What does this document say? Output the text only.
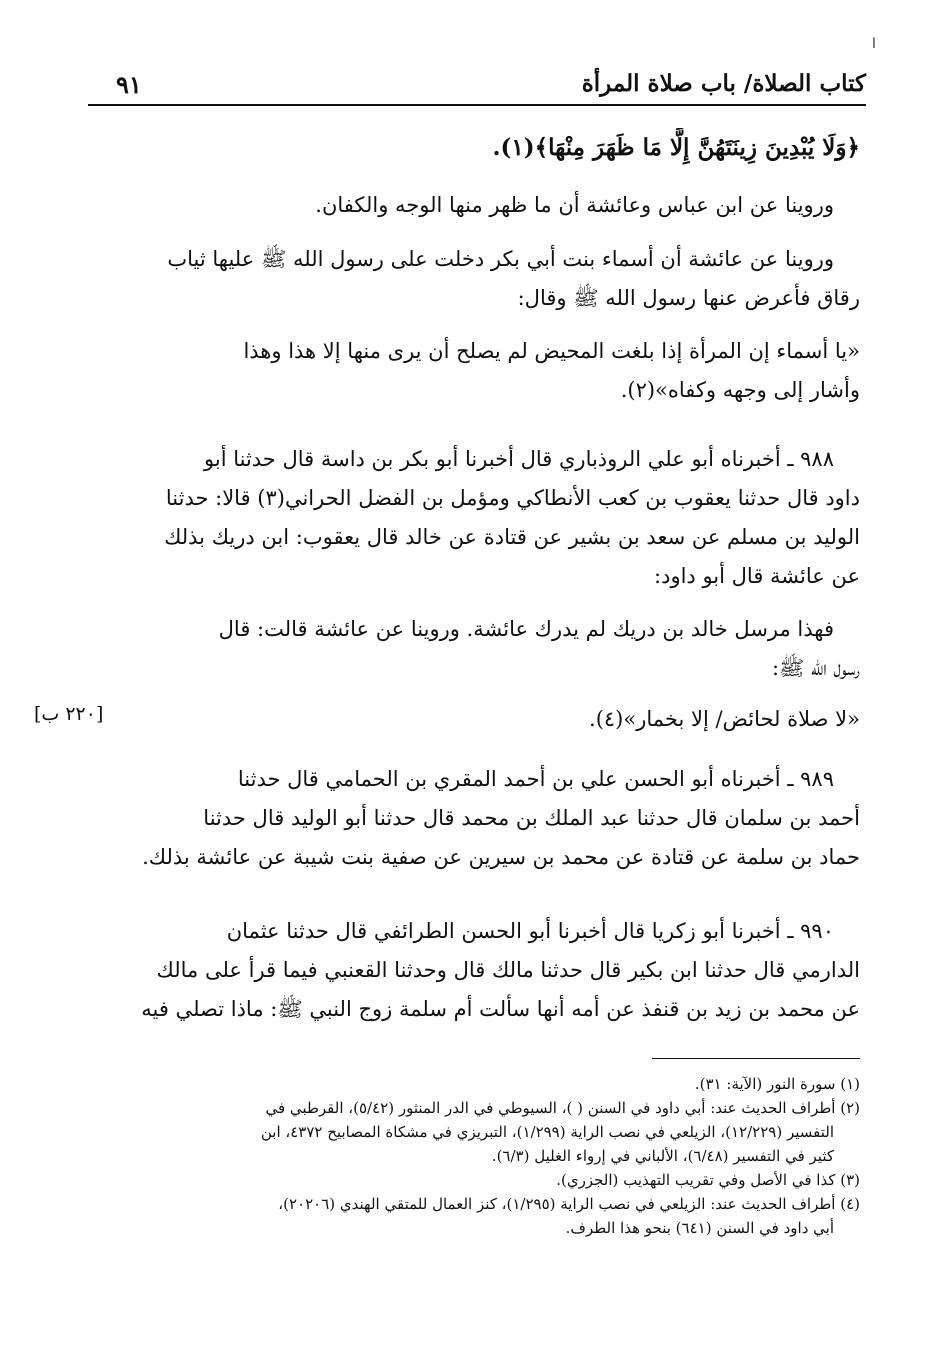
ا
كتاب الصلاة/ باب صلاة المرأة
٩١
﴿وَلَا يُبْدِينَ زِينَتَهُنَّ إِلَّا مَا ظَهَرَ مِنْهَا﴾(١).
وروينا عن ابن عباس وعائشة أن ما ظهر منها الوجه والكفان.
وروينا عن عائشة أن أسماء بنت أبي بكر دخلت على رسول الله ﷺ عليها ثياب
رقاق فأعرض عنها رسول الله ﷺ وقال:
«يا أسماء إن المرأة إذا بلغت المحيض لم يصلح أن يرى منها إلا هذا وهذا
وأشار إلى وجهه وكفاه»(٢).
٩٨٨ ـ أخبرناه أبو علي الروذباري قال أخبرنا أبو بكر بن داسة قال حدثنا أبو
داود قال حدثنا يعقوب بن كعب الأنطاكي ومؤمل بن الفضل الحراني(٣) قالا: حدثنا
الوليد بن مسلم عن سعد بن بشير عن قتادة عن خالد قال يعقوب: ابن دريك بذلك
عن عائشة قال أبو داود:
فهذا مرسل خالد بن دريك لم يدرك عائشة. وروينا عن عائشة قالت: قال
رسول الله ﷺ:
«لا صلاة لحائض/ إلا بخمار»(٤).
[٢٢٠ ب]
٩٨٩ ـ أخبرناه أبو الحسن علي بن أحمد المقري بن الحمامي قال حدثنا
أحمد بن سلمان قال حدثنا عبد الملك بن محمد قال حدثنا أبو الوليد قال حدثنا
حماد بن سلمة عن قتادة عن محمد بن سيرين عن صفية بنت شيبة عن عائشة بذلك.
٩٩٠ ـ أخبرنا أبو زكريا قال أخبرنا أبو الحسن الطرائفي قال حدثنا عثمان
الدارمي قال حدثنا ابن بكير قال حدثنا مالك قال وحدثنا القعنبي فيما قرأ على مالك
عن محمد بن زيد بن قنفذ عن أمه أنها سألت أم سلمة زوج النبي ﷺ: ماذا تصلي فيه
(١) سورة النور (الآية: ٣١).
(٢) أطراف الحديث عند: أبي داود في السنن ( )، السيوطي في الدر المنثور (٥/٤٢)، القرطبي في
التفسير (١٢/٢٢٩)، الزيلعي في نصب الراية (١/٢٩٩)، التبريزي في مشكاة المصابيح ٤٣٧٢، ابن
كثير في التفسير (٦/٤٨)، الألباني في إرواء الغليل (٦/٣).
(٣) كذا في الأصل وفي تقريب التهذيب (الجزري).
(٤) أطراف الحديث عند: الزيلعي في نصب الراية (١/٢٩٥)، كنز العمال للمتقي الهندي (٢٠٢٠٦)،
أبي داود في السنن (٦٤١) بنحو هذا الطرف.
